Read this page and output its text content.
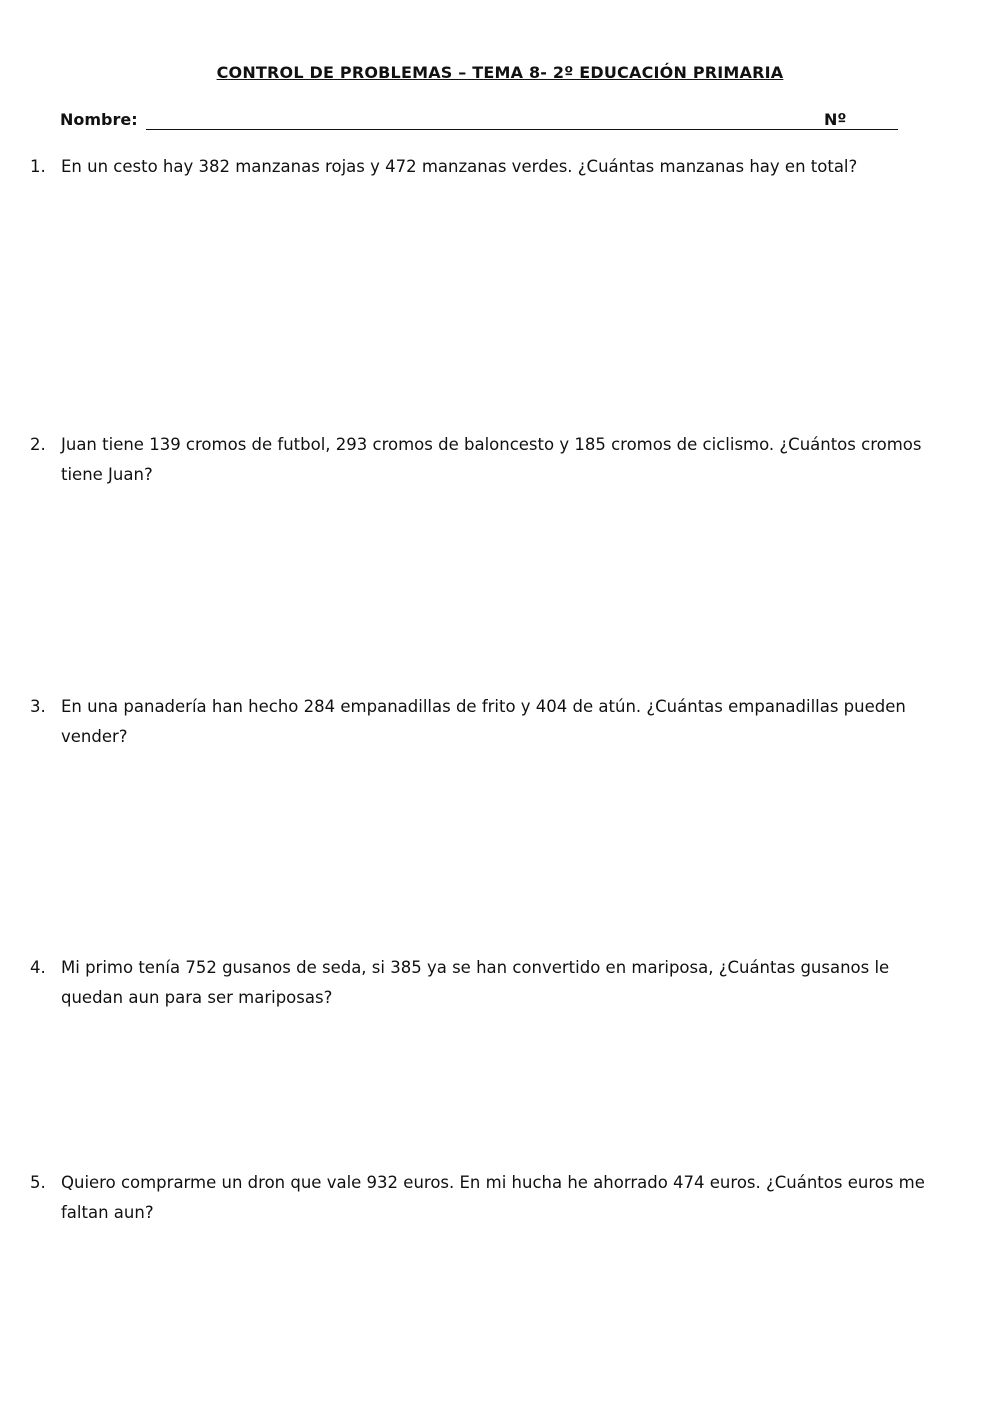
CONTROL DE PROBLEMAS – TEMA 8- 2º EDUCACIÓN PRIMARIA
Nombre:	Nº
1. En un cesto hay 382 manzanas rojas y 472 manzanas verdes. ¿Cuántas manzanas hay en total?
2. Juan tiene 139 cromos de futbol, 293 cromos de baloncesto y 185 cromos de ciclismo. ¿Cuántos cromos tiene Juan?
3. En una panadería han hecho 284 empanadillas de frito y 404 de atún. ¿Cuántas empanadillas pueden vender?
4. Mi primo tenía 752 gusanos de seda, si 385 ya se han convertido en mariposa, ¿Cuántas gusanos le quedan aun para ser mariposas?
5. Quiero comprarme un dron que vale 932 euros. En mi hucha he ahorrado 474 euros. ¿Cuántos euros me faltan aun?
